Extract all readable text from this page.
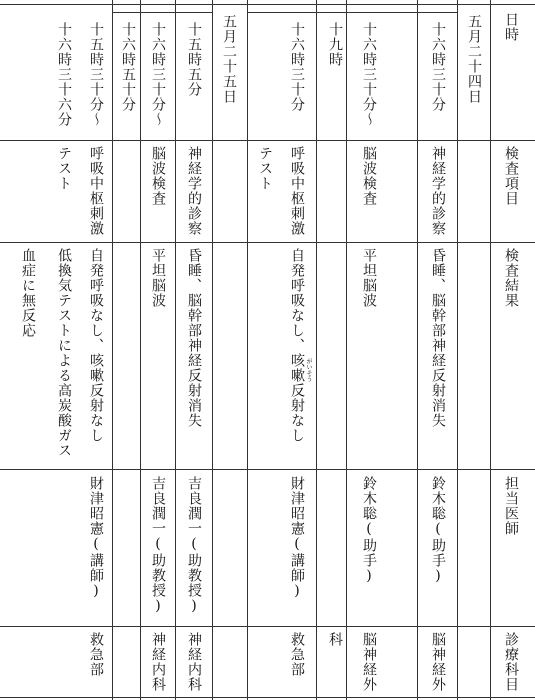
日時
検査項目
検査結果
担当医師
診療科目
五月二十四日
五月二十五日	十六時三十分
神経学的診察
昏睡、脳幹部神経反射消失
鈴木聡(助手)
脳神経外
十六時三十分〜
脳波検査
平坦脳波
鈴木聡(助手)
脳神経外
十九時
科
十六時三十分
呼吸中枢刺激
自発呼吸なし、咳嗽反射なし がいそう
財津昭憲(講師)
救急部
テスト
十五時五分
神経学的診察
昏睡、脳幹部神経反射消失
吉良潤一(助教授)
神経内科
十六時三十分〜
脳波検査
平坦脳波
吉良潤一(助教授)
神経内科
十六時五十分
十五時三十分〜
呼吸中枢刺激
自発呼吸なし、咳嗽反射なし
財津昭憲(講師)
救急部
十六時三十六分
テスト
低換気テストによる高炭酸ガス
血症に無反応
